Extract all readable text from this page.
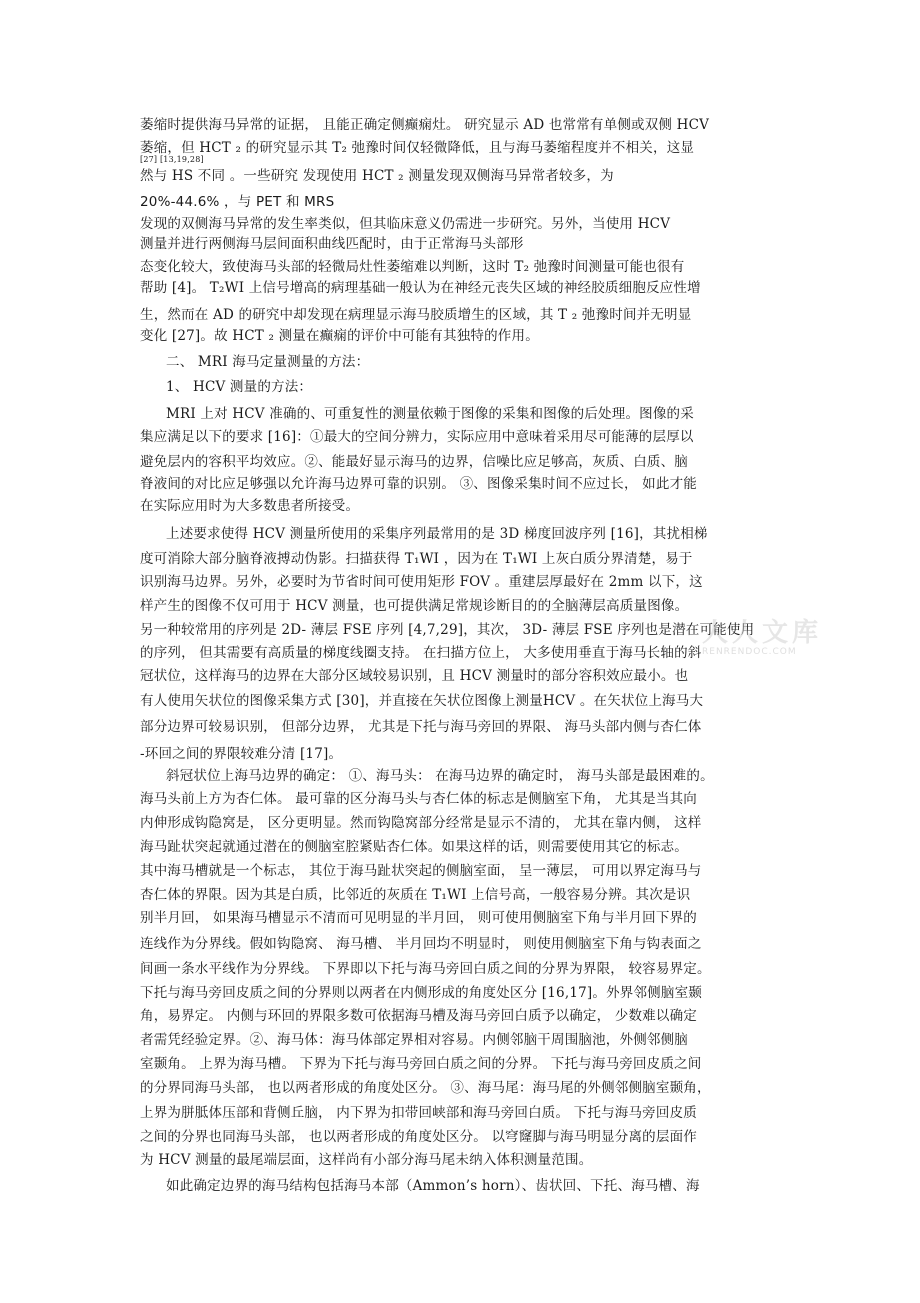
萎缩时提供海马异常的证据， 且能正确定侧癫痫灶。 研究显示 AD 也常常有单侧或双侧 HCV
萎缩，但 HCT ₂ 的研究显示其 T₂ 弛豫时间仅轻微降低，且与海马萎缩程度并不相关，这显
[27] [13,19,28]
然与 HS 不同 。一些研究 发现使用 HCT ₂ 测量发现双侧海马异常者较多，为
20%-44.6% ，与 PET 和 MRS
发现的双侧海马异常的发生率类似，但其临床意义仍需进一步研究。另外，当使用 HCV
测量并进行两侧海马层间面积曲线匹配时，由于正常海马头部形
态变化较大，致使海马头部的轻微局灶性萎缩难以判断，这时 T₂ 弛豫时间测量可能也很有
帮助 [4]。 T₂WI 上信号增高的病理基础一般认为在神经元丧失区域的神经胶质细胞反应性增
生，然而在 AD 的研究中却发现在病理显示海马胶质增生的区域，其 T ₂ 弛豫时间并无明显
变化 [27]。故 HCT ₂ 测量在癫痫的评价中可能有其独特的作用。
二、 MRI 海马定量测量的方法：
1、 HCV 测量的方法：
MRI 上对 HCV 准确的、可重复性的测量依赖于图像的采集和图像的后处理。图像的采
集应满足以下的要求 [16]：①最大的空间分辨力，实际应用中意味着采用尽可能薄的层厚以
避免层内的容积平均效应。②、能最好显示海马的边界，信噪比应足够高，灰质、白质、脑
脊液间的对比应足够强以允许海马边界可靠的识别。 ③、图像采集时间不应过长， 如此才能
在实际应用时为大多数患者所接受。
上述要求使得 HCV 测量所使用的采集序列最常用的是 3D 梯度回波序列 [16]，其扰相梯
度可消除大部分脑脊液搏动伪影。扫描获得 T₁WI ，因为在 T₁WI 上灰白质分界清楚，易于
识别海马边界。另外，必要时为节省时间可使用矩形 FOV 。重建层厚最好在 2mm 以下，这
样产生的图像不仅可用于 HCV 测量，也可提供满足常规诊断目的的全脑薄层高质量图像。
另一种较常用的序列是 2D- 薄层 FSE 序列 [4,7,29]，其次， 3D- 薄层 FSE 序列也是潜在可能使用
的序列， 但其需要有高质量的梯度线圈支持。 在扫描方位上， 大多使用垂直于海马长轴的斜
冠状位，这样海马的边界在大部分区域较易识别，且 HCV 测量时的部分容积效应最小。也
有人使用矢状位的图像采集方式 [30]，并直接在矢状位图像上测量HCV 。在矢状位上海马大
部分边界可较易识别， 但部分边界， 尤其是下托与海马旁回的界限、 海马头部内侧与杏仁体
-环回之间的界限较难分清 [17]。
斜冠状位上海马边界的确定： ①、海马头： 在海马边界的确定时， 海马头部是最困难的。
海马头前上方为杏仁体。 最可靠的区分海马头与杏仁体的标志是侧脑室下角， 尤其是当其向
内伸形成钩隐窝是， 区分更明显。然而钩隐窝部分经常是显示不清的， 尤其在靠内侧， 这样
海马趾状突起就通过潜在的侧脑室腔紧贴杏仁体。如果这样的话，则需要使用其它的标志。
其中海马槽就是一个标志， 其位于海马趾状突起的侧脑室面， 呈一薄层， 可用以界定海马与
杏仁体的界限。因为其是白质，比邻近的灰质在 T₁WI 上信号高，一般容易分辨。其次是识
别半月回， 如果海马槽显示不清而可见明显的半月回， 则可使用侧脑室下角与半月回下界的
连线作为分界线。假如钩隐窝、 海马槽、 半月回均不明显时， 则使用侧脑室下角与钩表面之
间画一条水平线作为分界线。 下界即以下托与海马旁回白质之间的分界为界限， 较容易界定。
下托与海马旁回皮质之间的分界则以两者在内侧形成的角度处区分 [16,17]。外界邻侧脑室颞
角，易界定。 内侧与环回的界限多数可依据海马槽及海马旁回白质予以确定， 少数难以确定
者需凭经验定界。②、海马体：海马体部定界相对容易。内侧邻脑干周围脑池，外侧邻侧脑
室颞角。 上界为海马槽。 下界为下托与海马旁回白质之间的分界。 下托与海马旁回皮质之间
的分界同海马头部， 也以两者形成的角度处区分。 ③、海马尾：海马尾的外侧邻侧脑室颞角，
上界为胼胝体压部和背侧丘脑， 内下界为扣带回峡部和海马旁回白质。 下托与海马旁回皮质
之间的分界也同海马头部， 也以两者形成的角度处区分。 以穹窿脚与海马明显分离的层面作
为 HCV 测量的最尾端层面，这样尚有小部分海马尾未纳入体积测量范围。
如此确定边界的海马结构包括海马本部（Ammon’s horn）、齿状回、下托、海马槽、海
人人文库
RENRENDOC.COM
